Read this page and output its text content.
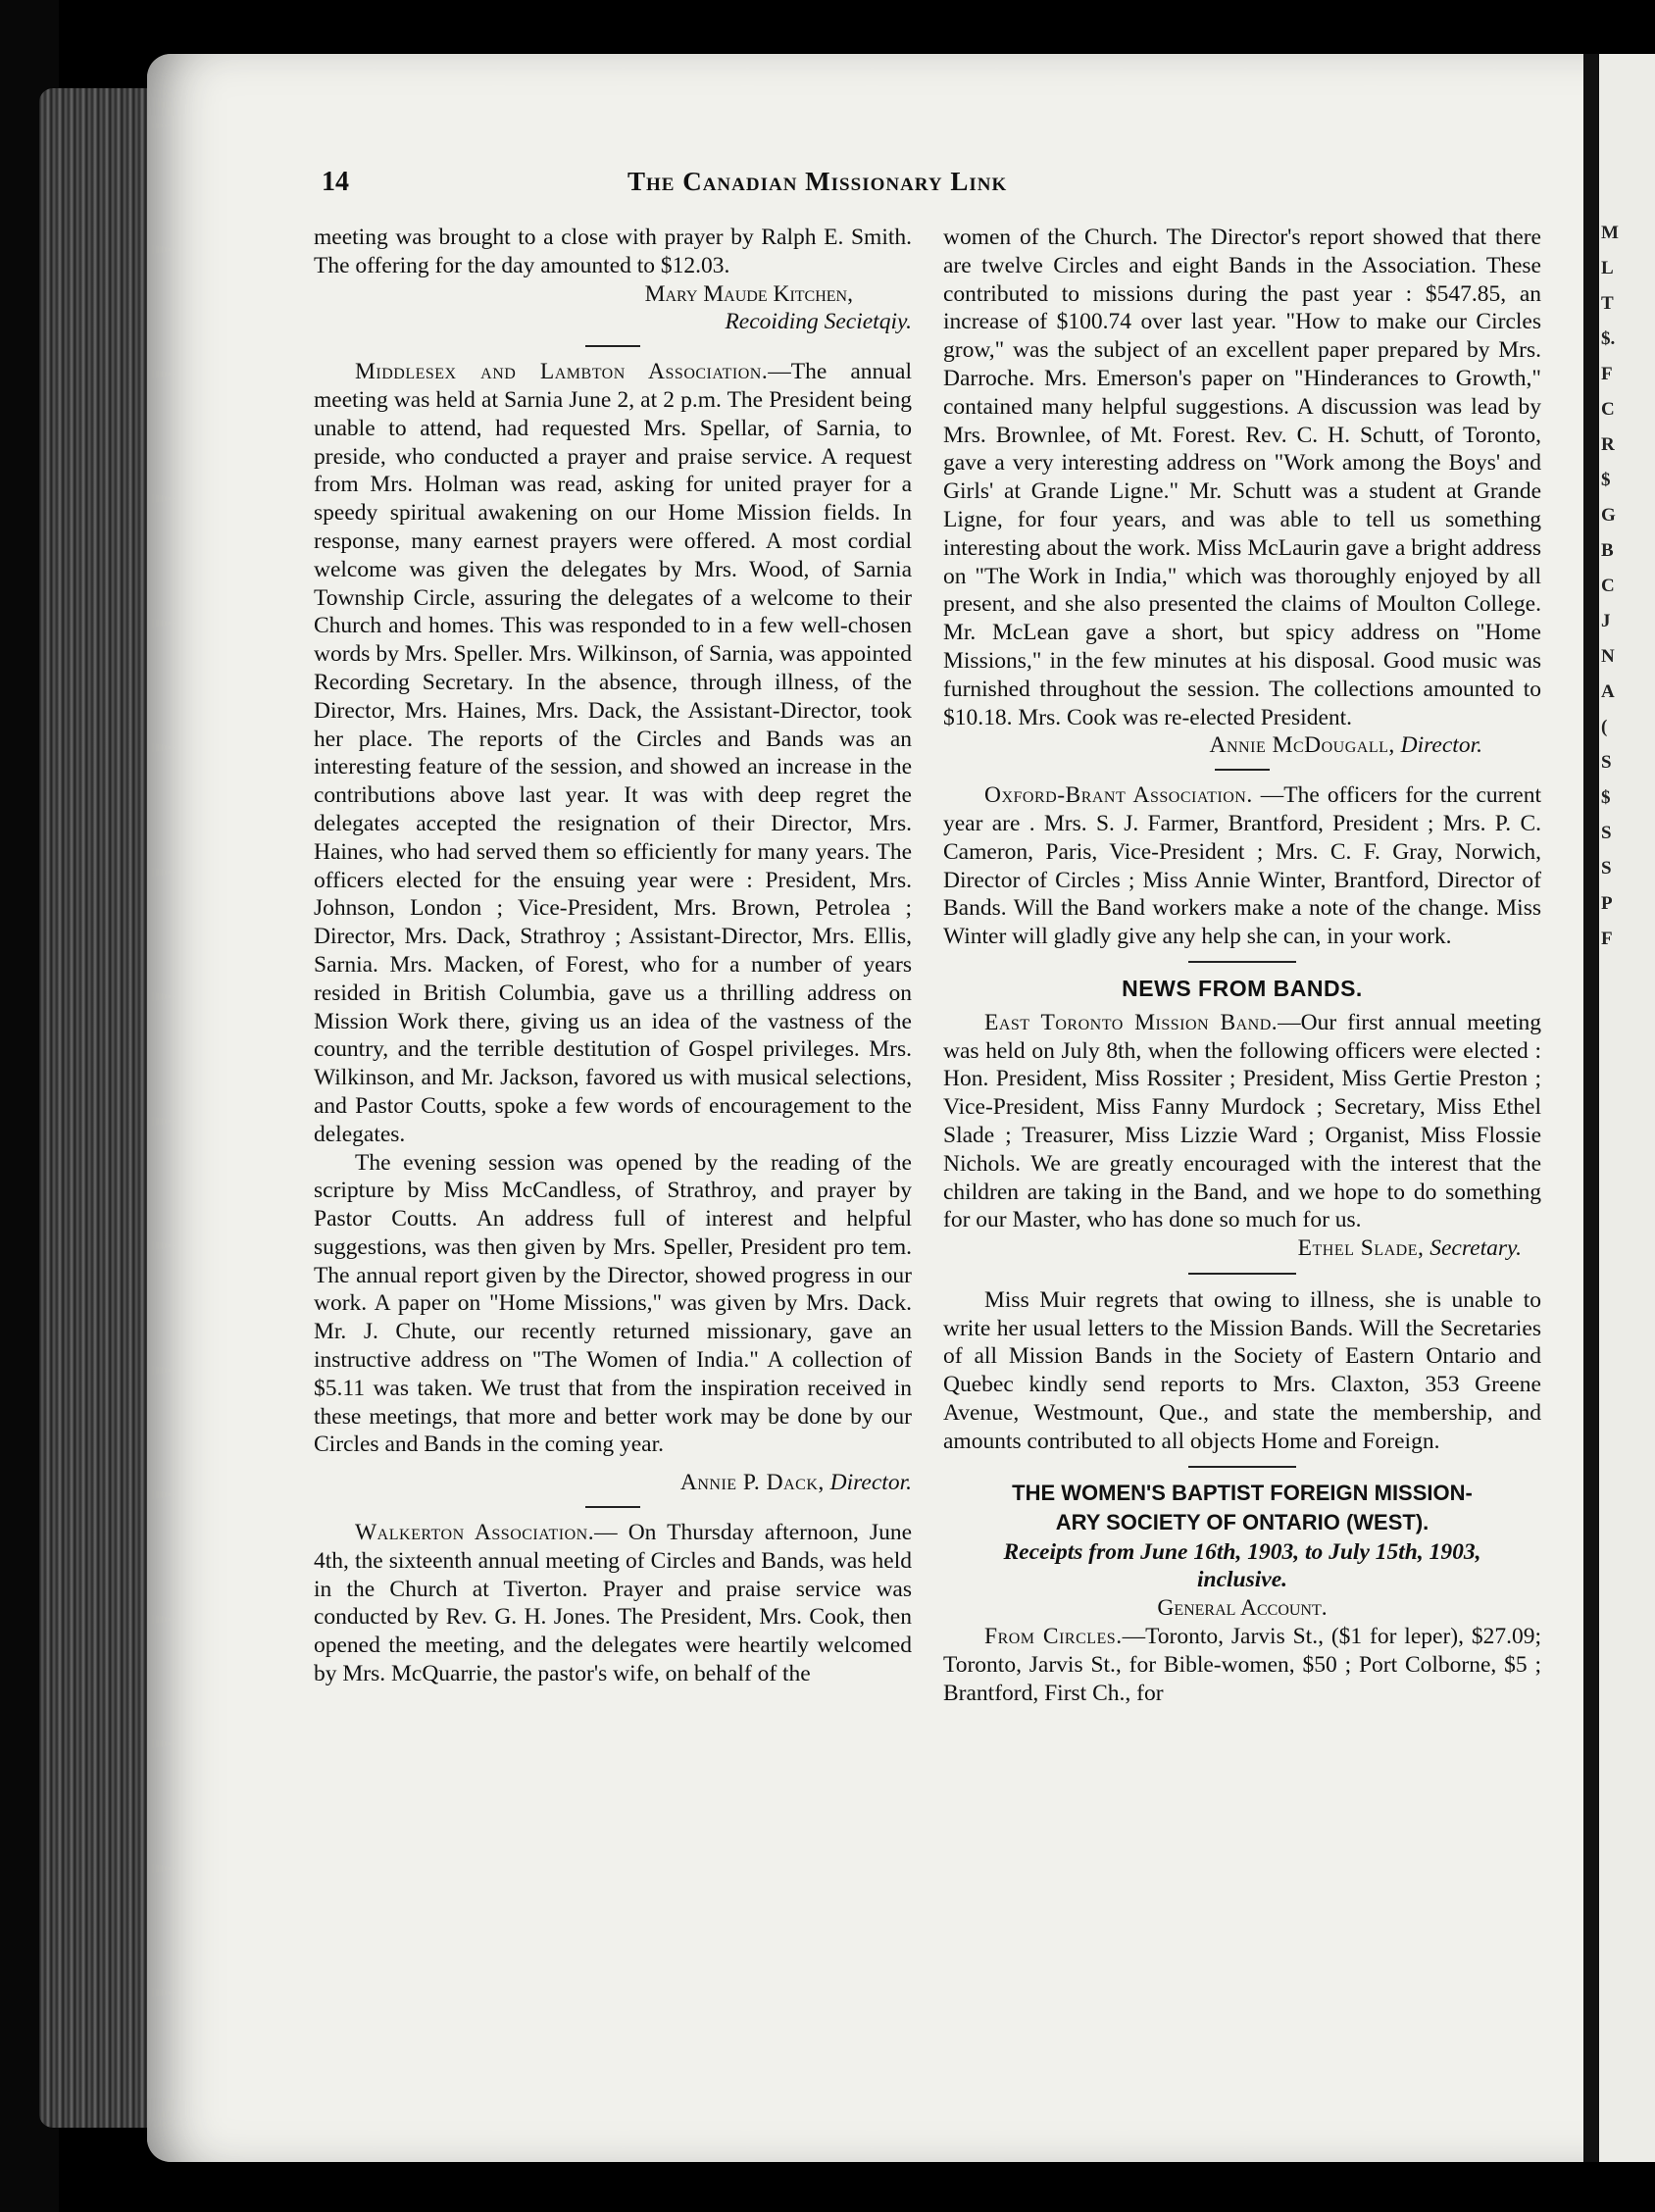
M
L
T
$.
F
C
R
$
G
B
C
J
N
A
(
S
$
S
S
P
F
14	The Canadian Missionary Link

meeting was brought to a close with prayer by Ralph E. Smith. The offering for the day amounted to $12.03.

Mary Maude Kitchen,

Recoiding Secietqiy.

Middlesex and Lambton Association.—The annual meeting was held at Sarnia June 2, at 2 p.m. The President being unable to attend, had requested Mrs. Spellar, of Sarnia, to preside, who conducted a prayer and praise service. A request from Mrs. Holman was read, asking for united prayer for a speedy spiritual awakening on our Home Mission fields. In response, many earnest prayers were offered. A most cordial welcome was given the delegates by Mrs. Wood, of Sarnia Township Circle, assuring the delegates of a welcome to their Church and homes. This was responded to in a few well-chosen words by Mrs. Speller. Mrs. Wilkinson, of Sarnia, was appointed Recording Secretary. In the absence, through illness, of the Director, Mrs. Haines, Mrs. Dack, the Assistant-Director, took her place. The reports of the Circles and Bands was an interesting feature of the session, and showed an increase in the contributions above last year. It was with deep regret the delegates accepted the resignation of their Director, Mrs. Haines, who had served them so efficiently for many years. The officers elected for the ensuing year were : President, Mrs. Johnson, London ; Vice-President, Mrs. Brown, Petrolea ; Director, Mrs. Dack, Strathroy ; Assistant-Director, Mrs. Ellis, Sarnia. Mrs. Macken, of Forest, who for a number of years resided in British Columbia, gave us a thrilling address on Mission Work there, giving us an idea of the vastness of the country, and the terrible destitution of Gospel privileges. Mrs. Wilkinson, and Mr. Jackson, favored us with musical selections, and Pastor Coutts, spoke a few words of encouragement to the delegates.

The evening session was opened by the reading of the scripture by Miss McCandless, of Strathroy, and prayer by Pastor Coutts. An address full of interest and helpful suggestions, was then given by Mrs. Speller, President pro tem. The annual report given by the Director, showed progress in our work. A paper on "Home Missions," was given by Mrs. Dack. Mr. J. Chute, our recently returned missionary, gave an instructive address on "The Women of India." A collection of $5.11 was taken. We trust that from the inspiration received in these meetings, that more and better work may be done by our Circles and Bands in the coming year.

Annie P. Dack, Director.

Walkerton Association.— On Thursday afternoon, June 4th, the sixteenth annual meeting of Circles and Bands, was held in the Church at Tiverton. Prayer and praise service was conducted by Rev. G. H. Jones. The President, Mrs. Cook, then opened the meeting, and the delegates were heartily welcomed by Mrs. McQuarrie, the pastor's wife, on behalf of the

women of the Church. The Director's report showed that there are twelve Circles and eight Bands in the Association. These contributed to missions during the past year : $547.85, an increase of $100.74 over last year. "How to make our Circles grow," was the subject of an excellent paper prepared by Mrs. Darroche. Mrs. Emerson's paper on "Hinderances to Growth," contained many helpful suggestions. A discussion was lead by Mrs. Brownlee, of Mt. Forest. Rev. C. H. Schutt, of Toronto, gave a very interesting address on "Work among the Boys' and Girls' at Grande Ligne." Mr. Schutt was a student at Grande Ligne, for four years, and was able to tell us something interesting about the work. Miss McLaurin gave a bright address on "The Work in India," which was thoroughly enjoyed by all present, and she also presented the claims of Moulton College. Mr. McLean gave a short, but spicy address on "Home Missions," in the few minutes at his disposal. Good music was furnished throughout the session. The collections amounted to $10.18. Mrs. Cook was re-elected President.

Annie McDougall, Director.

Oxford-Brant Association. —The officers for the current year are . Mrs. S. J. Farmer, Brantford, President ; Mrs. P. C. Cameron, Paris, Vice-President ; Mrs. C. F. Gray, Norwich, Director of Circles ; Miss Annie Winter, Brantford, Director of Bands. Will the Band workers make a note of the change. Miss Winter will gladly give any help she can, in your work.

NEWS FROM BANDS.

East Toronto Mission Band.—Our first annual meeting was held on July 8th, when the following officers were elected : Hon. President, Miss Rossiter ; President, Miss Gertie Preston ; Vice-President, Miss Fanny Murdock ; Secretary, Miss Ethel Slade ; Treasurer, Miss Lizzie Ward ; Organist, Miss Flossie Nichols. We are greatly encouraged with the interest that the children are taking in the Band, and we hope to do something for our Master, who has done so much for us.

Ethel Slade, Secretary.

Miss Muir regrets that owing to illness, she is unable to write her usual letters to the Mission Bands. Will the Secretaries of all Mission Bands in the Society of Eastern Ontario and Quebec kindly send reports to Mrs. Claxton, 353 Greene Avenue, Westmount, Que., and state the membership, and amounts contributed to all objects Home and Foreign.

THE WOMEN'S BAPTIST FOREIGN MISSION-
ARY SOCIETY OF ONTARIO (WEST).

Receipts from June 16th, 1903, to July 15th, 1903,

inclusive.

General Account.

From Circles.—Toronto, Jarvis St., ($1 for leper), $27.09; Toronto, Jarvis St., for Bible-women, $50 ; Port Colborne, $5 ; Brantford, First Ch., for
